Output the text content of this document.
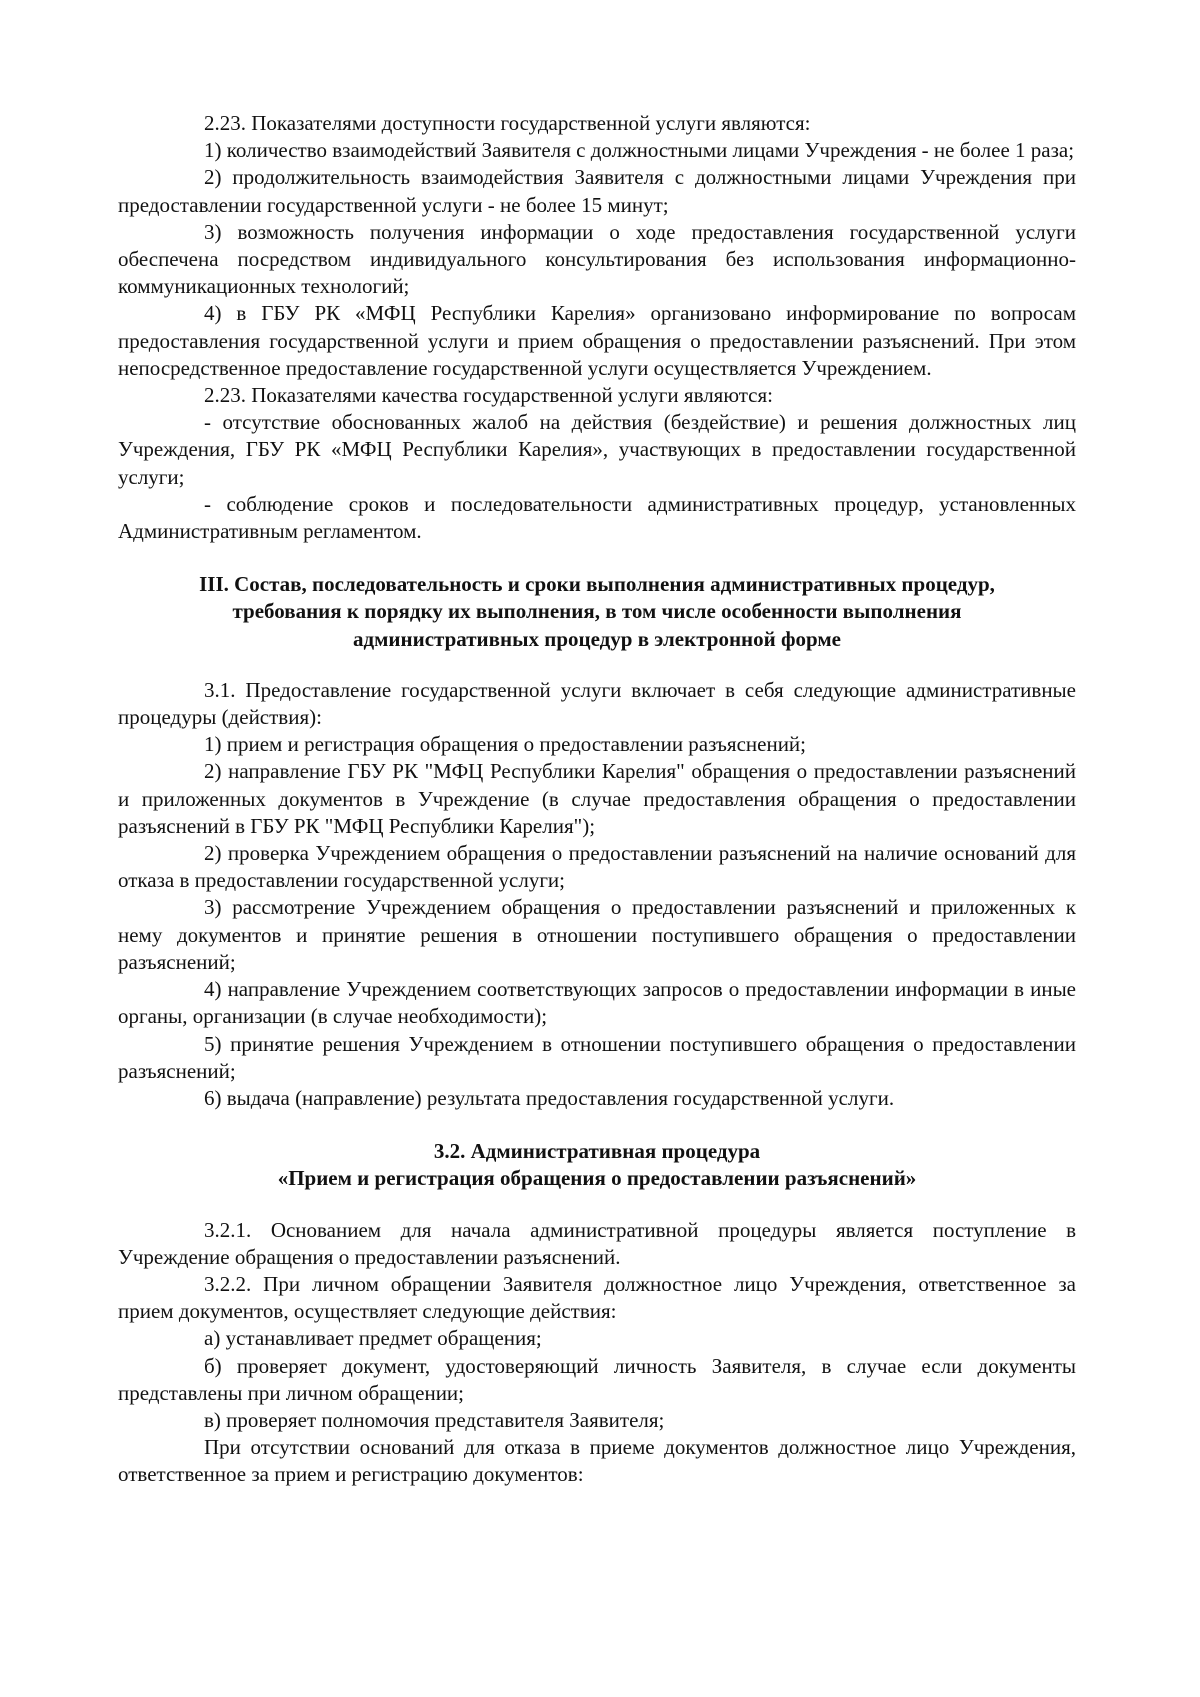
2.23. Показателями доступности государственной услуги являются:

1) количество взаимодействий Заявителя с должностными лицами Учреждения - не более 1 раза;

2) продолжительность взаимодействия Заявителя с должностными лицами Учреждения при предоставлении государственной услуги - не более 15 минут;

3) возможность получения информации о ходе предоставления государственной услуги обеспечена посредством индивидуального консультирования без использования информационно-коммуникационных технологий;

4) в ГБУ РК «МФЦ Республики Карелия» организовано информирование по вопросам предоставления государственной услуги и прием обращения о предоставлении разъяснений. При этом непосредственное предоставление государственной услуги осуществляется Учреждением.

2.23. Показателями качества государственной услуги являются:

- отсутствие обоснованных жалоб на действия (бездействие) и решения должностных лиц Учреждения, ГБУ РК «МФЦ Республики Карелия», участвующих в предоставлении государственной услуги;

- соблюдение сроков и последовательности административных процедур, установленных Административным регламентом.

III. Состав, последовательность и сроки выполнения административных процедур,
требования к порядку их выполнения, в том числе особенности выполнения
административных процедур в электронной форме

3.1. Предоставление государственной услуги включает в себя следующие административные процедуры (действия):

1) прием и регистрация обращения о предоставлении разъяснений;

2) направление ГБУ РК "МФЦ Республики Карелия" обращения о предоставлении разъяснений и приложенных документов в Учреждение (в случае предоставления обращения о предоставлении разъяснений в ГБУ РК "МФЦ Республики Карелия");

2) проверка Учреждением обращения о предоставлении разъяснений на наличие оснований для отказа в предоставлении государственной услуги;

3) рассмотрение Учреждением обращения о предоставлении разъяснений и приложенных к нему документов и принятие решения в отношении поступившего обращения о предоставлении разъяснений;

4) направление Учреждением соответствующих запросов о предоставлении информации в иные органы, организации (в случае необходимости);

5) принятие решения Учреждением в отношении поступившего обращения о предоставлении разъяснений;

6) выдача (направление) результата предоставления государственной услуги.

3.2. Административная процедура
«Прием и регистрация обращения о предоставлении разъяснений»

3.2.1. Основанием для начала административной процедуры является поступление в Учреждение обращения о предоставлении разъяснений.

3.2.2. При личном обращении Заявителя должностное лицо Учреждения, ответственное за прием документов, осуществляет следующие действия:

а) устанавливает предмет обращения;

б) проверяет документ, удостоверяющий личность Заявителя, в случае если документы представлены при личном обращении;

в) проверяет полномочия представителя Заявителя;

При отсутствии оснований для отказа в приеме документов должностное лицо Учреждения, ответственное за прием и регистрацию документов:
